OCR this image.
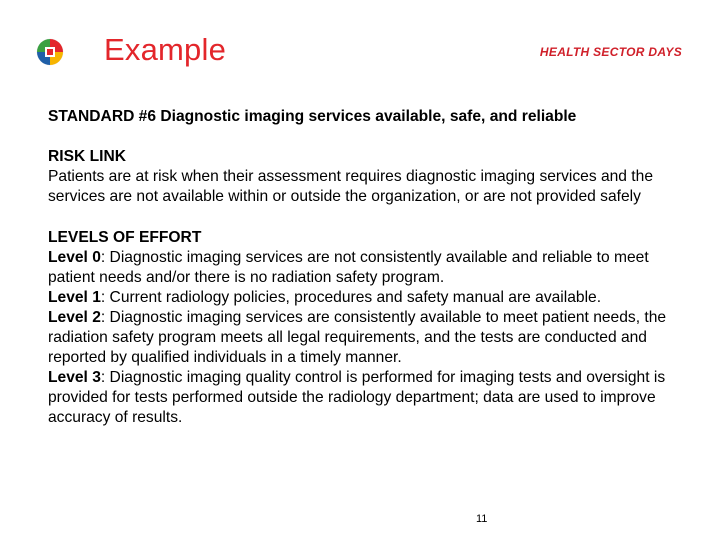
Example	HEALTH SECTOR DAYS

STANDARD #6 Diagnostic imaging services available, safe, and reliable

RISK LINK
Patients are at risk when their assessment requires diagnostic imaging services and the services are not available within or outside the organization, or are not provided safely
LEVELS OF EFFORT

Level 0: Diagnostic imaging services are not consistently available and reliable to meet patient needs and/or there is no radiation safety program.

Level 1: Current radiology policies, procedures and safety manual are available.

Level 2: Diagnostic imaging services are consistently available to meet patient needs, the radiation safety program meets all legal requirements, and the tests are conducted and reported by qualified individuals in a timely manner.

Level 3: Diagnostic imaging quality control is performed for imaging tests and oversight is provided for tests performed outside the radiology department; data are used to improve accuracy of results.

11
